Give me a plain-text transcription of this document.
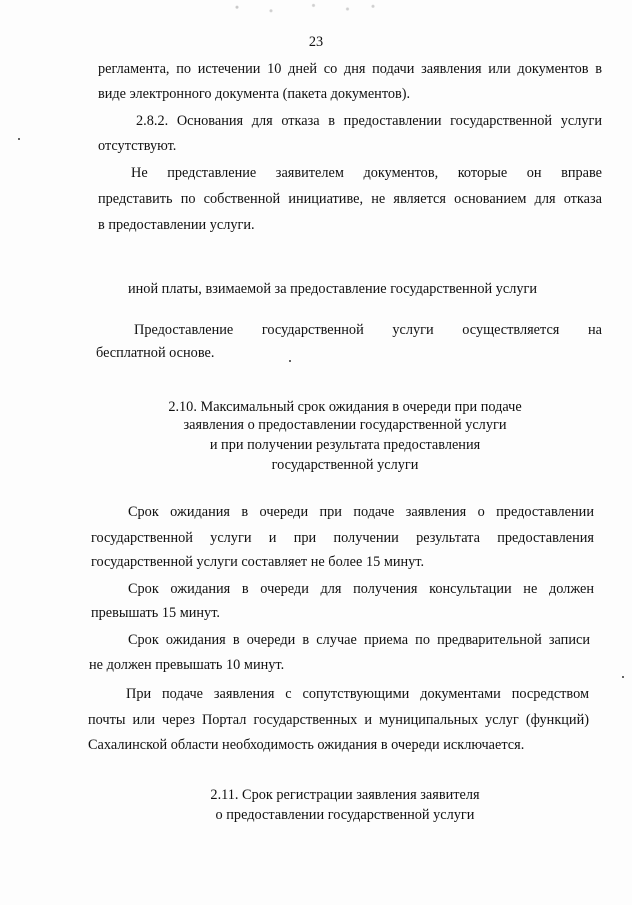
23
регламента, по истечении 10 дней со дня подачи заявления или документов в
виде электронного документа (пакета документов).
2.8.2. Основания для отказа в предоставлении государственной услуги
отсутствуют.
Не представление заявителем документов, которые он вправе
представить по собственной инициативе, не является основанием для отказа
в предоставлении услуги.
иной платы, взимаемой за предоставление государственной услуги
Предоставление государственной услуги осуществляется на
бесплатной основе.
2.10. Максимальный срок ожидания в очереди при подаче
заявления о предоставлении государственной услуги
и при получении результата предоставления
государственной услуги
Срок ожидания в очереди при подаче заявления о предоставлении
государственной услуги и при получении результата предоставления
государственной услуги составляет не более 15 минут.
Срок ожидания в очереди для получения консультации не должен
превышать 15 минут.
Срок ожидания в очереди в случае приема по предварительной записи
не должен превышать 10 минут.
При подаче заявления с сопутствующими документами посредством
почты или через Портал государственных и муниципальных услуг (функций)
Сахалинской области необходимость ожидания в очереди исключается.
2.11. Срок регистрации заявления заявителя
о предоставлении государственной услуги
